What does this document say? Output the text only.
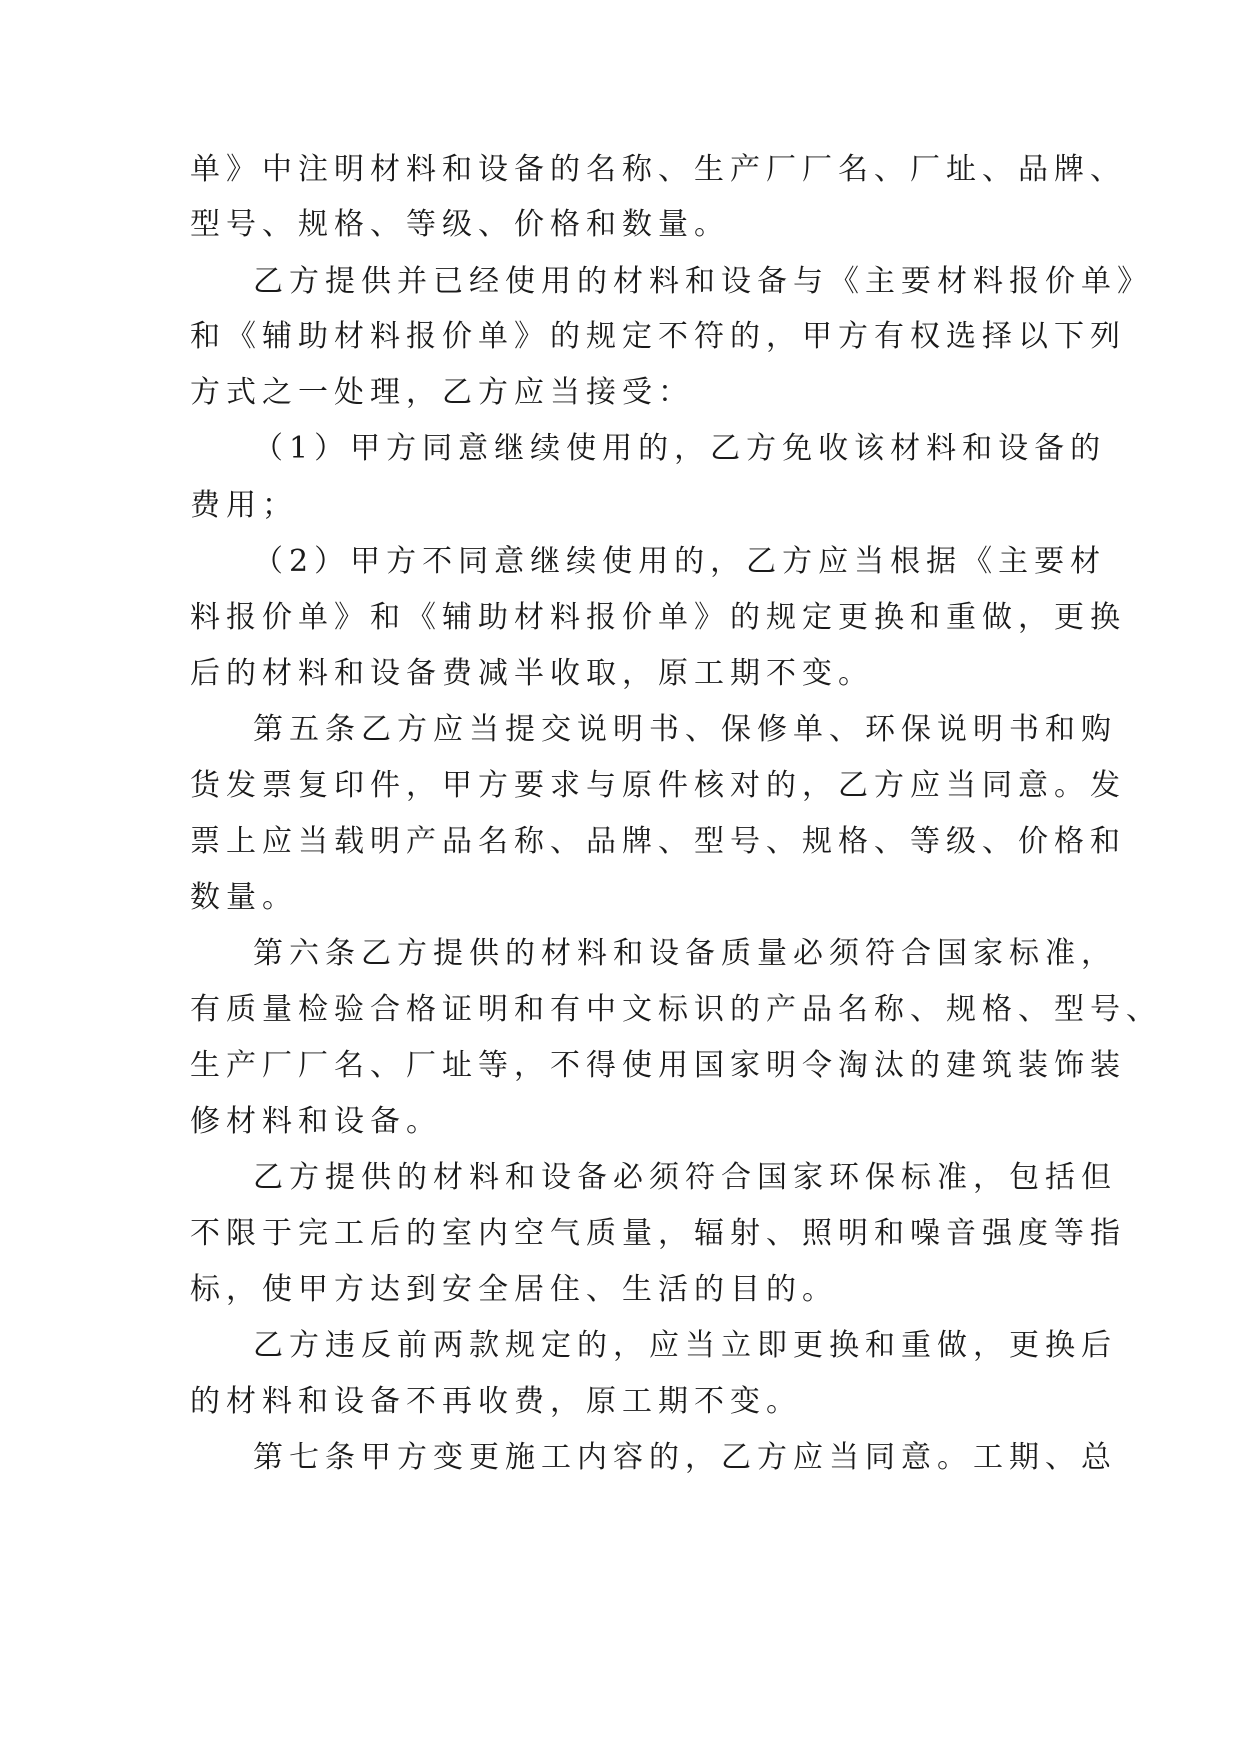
单》中注明材料和设备的名称、生产厂厂名、厂址、品牌、

型号、规格、等级、价格和数量。

乙方提供并已经使用的材料和设备与《主要材料报价单》

和《辅助材料报价单》的规定不符的，甲方有权选择以下列

方式之一处理，乙方应当接受：

（1）甲方同意继续使用的，乙方免收该材料和设备的

费用；

（2）甲方不同意继续使用的，乙方应当根据《主要材

料报价单》和《辅助材料报价单》的规定更换和重做，更换

后的材料和设备费减半收取，原工期不变。

第五条乙方应当提交说明书、保修单、环保说明书和购

货发票复印件，甲方要求与原件核对的，乙方应当同意。发

票上应当载明产品名称、品牌、型号、规格、等级、价格和

数量。

第六条乙方提供的材料和设备质量必须符合国家标准，

有质量检验合格证明和有中文标识的产品名称、规格、型号、

生产厂厂名、厂址等，不得使用国家明令淘汰的建筑装饰装

修材料和设备。

乙方提供的材料和设备必须符合国家环保标准，包括但

不限于完工后的室内空气质量，辐射、照明和噪音强度等指

标，使甲方达到安全居住、生活的目的。

乙方违反前两款规定的，应当立即更换和重做，更换后

的材料和设备不再收费，原工期不变。

第七条甲方变更施工内容的，乙方应当同意。工期、总
